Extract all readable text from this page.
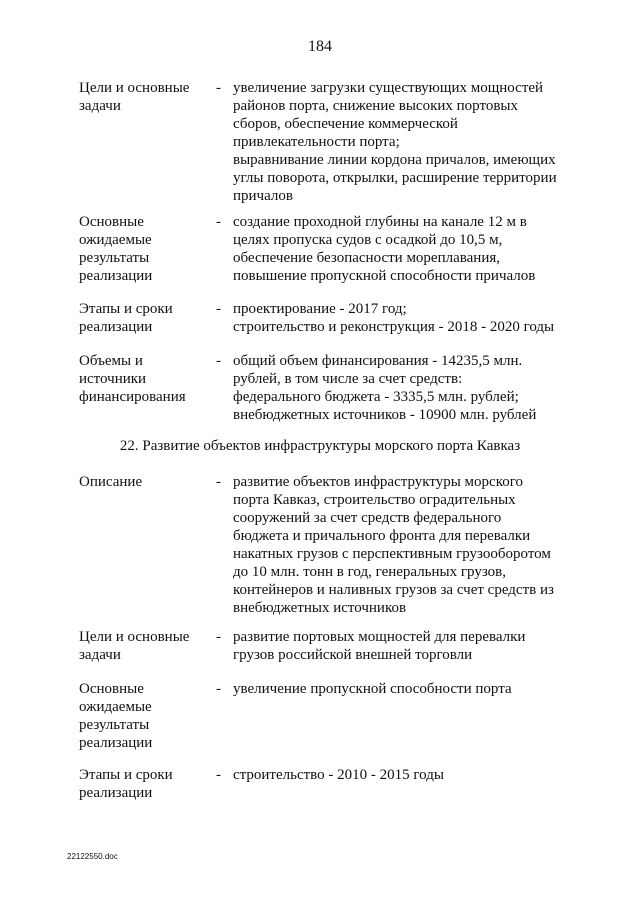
184
Цели и основные
задачи
- увеличение загрузки существующих мощностей
районов порта, снижение высоких портовых
сборов, обеспечение коммерческой
привлекательности порта;
выравнивание линии кордона причалов, имеющих
углы поворота, открылки, расширение территории
причалов
Основные
ожидаемые
результаты
реализации
- создание проходной глубины на канале 12 м в
целях пропуска судов с осадкой до 10,5 м,
обеспечение безопасности мореплавания,
повышение пропускной способности причалов
Этапы и сроки
реализации
- проектирование - 2017 год;
строительство и реконструкция - 2018 - 2020 годы
Объемы и
источники
финансирования
- общий объем финансирования - 14235,5 млн.
рублей, в том числе за счет средств:
федерального бюджета - 3335,5 млн. рублей;
внебюджетных источников - 10900 млн. рублей
22. Развитие объектов инфраструктуры морского порта Кавказ
Описание	- развитие объектов инфраструктуры морского
порта Кавказ, строительство оградительных
сооружений за счет средств федерального
бюджета и причального фронта для перевалки
накатных грузов с перспективным грузооборотом
до 10 млн. тонн в год, генеральных грузов,
контейнеров и наливных грузов за счет средств из
внебюджетных источников
Цели и основные
задачи
- развитие портовых мощностей для перевалки
грузов российской внешней торговли
Основные
ожидаемые
результаты
реализации
- увеличение пропускной способности порта
Этапы и сроки
реализации
- строительство - 2010 - 2015 годы
22122550.doc
